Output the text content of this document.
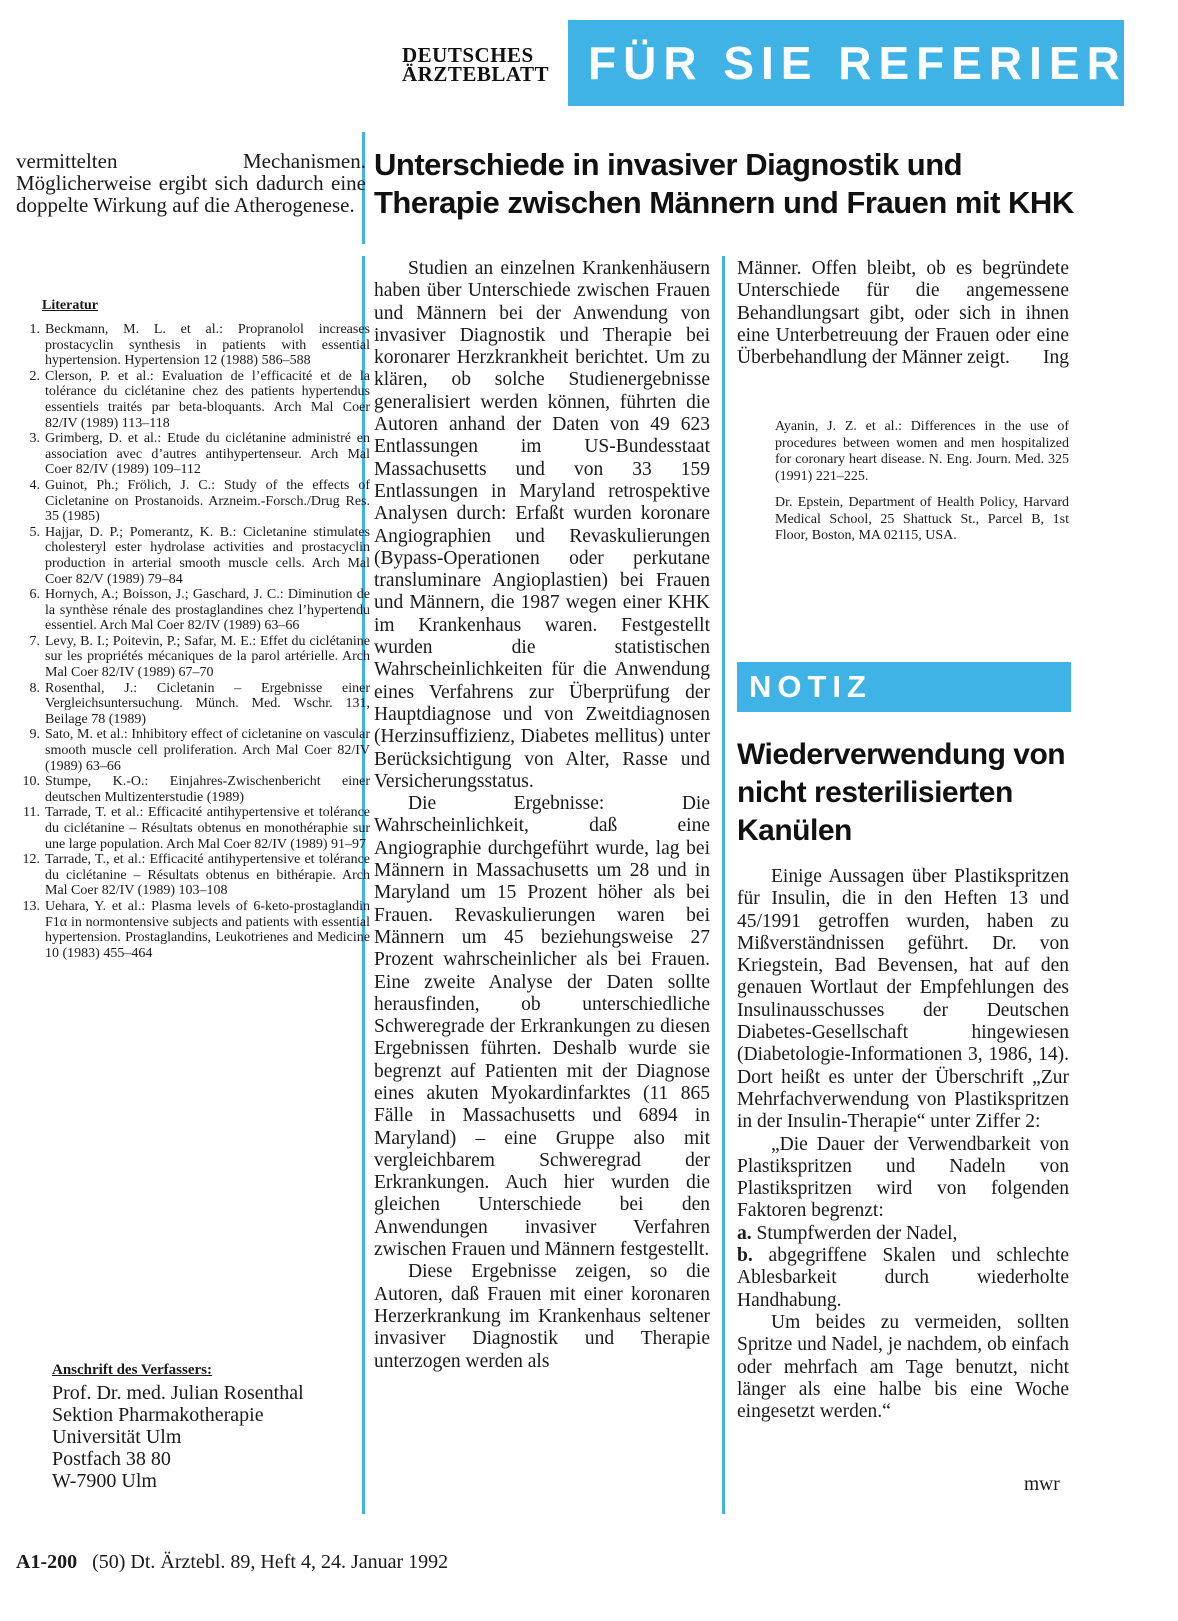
DEUTSCHES
ÄRZTEBLATT FÜR SIE REFERIERT
vermittelten Mechanismen. Möglicherweise ergibt sich dadurch eine doppelte Wirkung auf die Atherogenese.
Literatur
1. Beckmann, M. L. et al.: Propranolol increases prostacyclin synthesis in patients with essential hypertension. Hypertension 12 (1988) 586–588
2. Clerson, P. et al.: Evaluation de l’efficacité et de la tolérance du ciclétanine chez des patients hypertendus essentiels traités par beta-bloquants. Arch Mal Coer 82/IV (1989) 113–118
3. Grimberg, D. et al.: Etude du ciclétanine administré en association avec d’autres antihypertenseur. Arch Mal Coer 82/IV (1989) 109–112
4. Guinot, Ph.; Frölich, J. C.: Study of the effects of Cicletanine on Prostanoids. Arzneim.-Forsch./Drug Res. 35 (1985)
5. Hajjar, D. P.; Pomerantz, K. B.: Cicletanine stimulates cholesteryl ester hydrolase activities and prostacyclin production in arterial smooth muscle cells. Arch Mal Coer 82/V (1989) 79–84
6. Hornych, A.; Boisson, J.; Gaschard, J. C.: Diminution de la synthèse rénale des prostaglandines chez l’hypertendu essentiel. Arch Mal Coer 82/IV (1989) 63–66
7. Levy, B. I.; Poitevin, P.; Safar, M. E.: Effet du ciclétanine sur les propriétés mécaniques de la parol artérielle. Arch Mal Coer 82/IV (1989) 67–70
8. Rosenthal, J.: Cicletanin – Ergebnisse einer Vergleichsuntersuchung. Münch. Med. Wschr. 131, Beilage 78 (1989)
9. Sato, M. et al.: Inhibitory effect of cicletanine on vascular smooth muscle cell proliferation. Arch Mal Coer 82/IV (1989) 63–66
10. Stumpe, K.-O.: Einjahres-Zwischenbericht einer deutschen Multizenterstudie (1989)
11. Tarrade, T. et al.: Efficacité antihypertensive et tolérance du ciclétanine – Résultats obtenus en monothéraphie sur une large population. Arch Mal Coer 82/IV (1989) 91–97
12. Tarrade, T., et al.: Efficacité antihypertensive et tolérance du ciclétanine – Résultats obtenus en bithérapie. Arch Mal Coer 82/IV (1989) 103–108
13. Uehara, Y. et al.: Plasma levels of 6-keto-prostaglandin F1α in normontensive subjects and patients with essential hypertension. Prostaglandins, Leukotrienes and Medicine 10 (1983) 455–464
Anschrift des Verfassers:
Prof. Dr. med. Julian Rosenthal
Sektion Pharmakotherapie
Universität Ulm
Postfach 38 80
W-7900 Ulm
Unterschiede in invasiver Diagnostik und Therapie zwischen Männern und Frauen mit KHK

Studien an einzelnen Krankenhäusern haben über Unterschiede zwischen Frauen und Männern bei der Anwendung von invasiver Diagnostik und Therapie bei koronarer Herzkrankheit berichtet. Um zu klären, ob solche Studienergebnisse generalisiert werden können, führten die Autoren anhand der Daten von 49 623 Entlassungen im US-Bundesstaat Massachusetts und von 33 159 Entlassungen in Maryland retrospektive Analysen durch: Erfaßt wurden koronare Angiographien und Revaskulierungen (Bypass-Operationen oder perkutane transluminare Angioplastien) bei Frauen und Männern, die 1987 wegen einer KHK im Krankenhaus waren. Festgestellt wurden die statistischen Wahrscheinlichkeiten für die Anwendung eines Verfahrens zur Überprüfung der Hauptdiagnose und von Zweitdiagnosen (Herzinsuffizienz, Diabetes mellitus) unter Berücksichtigung von Alter, Rasse und Versicherungsstatus.

Die Ergebnisse: Die Wahrscheinlichkeit, daß eine Angiographie durchgeführt wurde, lag bei Männern in Massachusetts um 28 und in Maryland um 15 Prozent höher als bei Frauen. Revaskulierungen waren bei Männern um 45 beziehungsweise 27 Prozent wahrscheinlicher als bei Frauen. Eine zweite Analyse der Daten sollte herausfinden, ob unterschiedliche Schweregrade der Erkrankungen zu diesen Ergebnissen führten. Deshalb wurde sie begrenzt auf Patienten mit der Diagnose eines akuten Myokardinfarktes (11 865 Fälle in Massachusetts und 6894 in Maryland) – eine Gruppe also mit vergleichbarem Schweregrad der Erkrankungen. Auch hier wurden die gleichen Unterschiede bei den Anwendungen invasiver Verfahren zwischen Frauen und Männern festgestellt.

Diese Ergebnisse zeigen, so die Autoren, daß Frauen mit einer koronaren Herzerkrankung im Krankenhaus seltener invasiver Diagnostik und Therapie unterzogen werden als

Männer. Offen bleibt, ob es begründete Unterschiede für die angemessene Behandlungsart gibt, oder sich in ihnen eine Unterbetreuung der Frauen oder eine Überbehandlung der Männer zeigt. Ing

Ayanin, J. Z. et al.: Differences in the use of procedures between women and men hospitalized for coronary heart disease. N. Eng. Journ. Med. 325 (1991) 221–225.

Dr. Epstein, Department of Health Policy, Harvard Medical School, 25 Shattuck St., Parcel B, 1st Floor, Boston, MA 02115, USA.

NOTIZ
Wiederverwendung von nicht resterilisierten Kanülen

Einige Aussagen über Plastikspritzen für Insulin, die in den Heften 13 und 45/1991 getroffen wurden, haben zu Mißverständnissen geführt. Dr. von Kriegstein, Bad Bevensen, hat auf den genauen Wortlaut der Empfehlungen des Insulinausschusses der Deutschen Diabetes-Gesellschaft hingewiesen (Diabetologie-Informationen 3, 1986, 14). Dort heißt es unter der Überschrift „Zur Mehrfachverwendung von Plastikspritzen in der Insulin-Therapie“ unter Ziffer 2:

„Die Dauer der Verwendbarkeit von Plastikspritzen und Nadeln von Plastikspritzen wird von folgenden Faktoren begrenzt:

a. Stumpfwerden der Nadel,

b. abgegriffene Skalen und schlechte Ablesbarkeit durch wiederholte Handhabung.

Um beides zu vermeiden, sollten Spritze und Nadel, je nachdem, ob einfach oder mehrfach am Tage benutzt, nicht länger als eine halbe bis eine Woche eingesetzt werden.“

mwr
A1-200 (50) Dt. Ärztebl. 89, Heft 4, 24. Januar 1992
